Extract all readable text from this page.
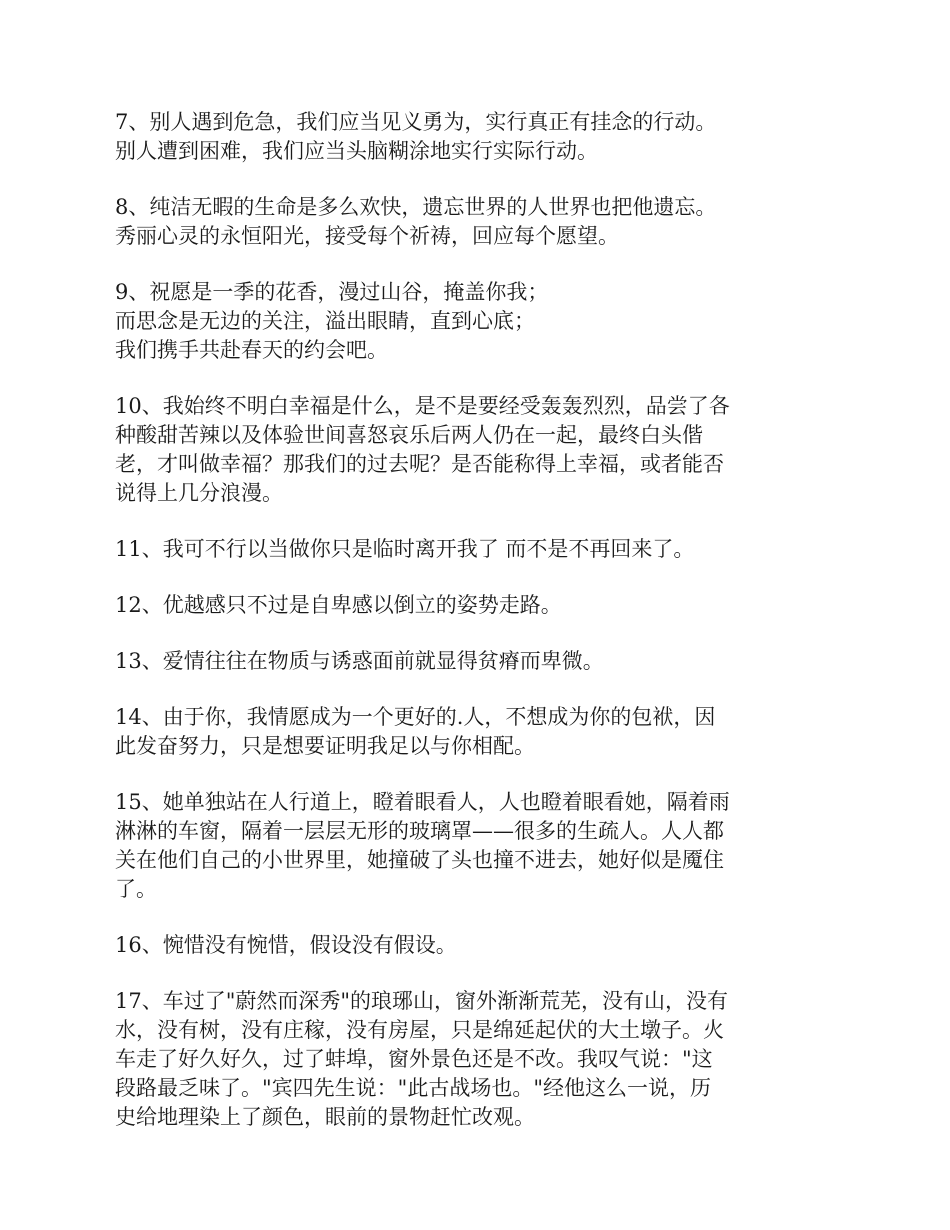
7、别人遇到危急，我们应当见义勇为，实行真正有挂念的行动。
别人遭到困难，我们应当头脑糊涂地实行实际行动。
8、纯洁无暇的生命是多么欢快，遗忘世界的人世界也把他遗忘。
秀丽心灵的永恒阳光，接受每个祈祷，回应每个愿望。
9、祝愿是一季的花香，漫过山谷，掩盖你我；
而思念是无边的关注，溢出眼睛，直到心底；
我们携手共赴春天的约会吧。
10、我始终不明白幸福是什么，是不是要经受轰轰烈烈，品尝了各
种酸甜苦辣以及体验世间喜怒哀乐后两人仍在一起，最终白头偕
老，才叫做幸福？那我们的过去呢？是否能称得上幸福，或者能否
说得上几分浪漫。
11、我可不行以当做你只是临时离开我了 而不是不再回来了。
12、优越感只不过是自卑感以倒立的姿势走路。
13、爱情往往在物质与诱惑面前就显得贫瘠而卑微。
14、由于你，我情愿成为一个更好的.人，不想成为你的包袱，因
此发奋努力，只是想要证明我足以与你相配。
15、她单独站在人行道上，瞪着眼看人，人也瞪着眼看她，隔着雨
淋淋的车窗，隔着一层层无形的玻璃罩——很多的生疏人。人人都
关在他们自己的小世界里，她撞破了头也撞不进去，她好似是魇住
了。
16、惋惜没有惋惜，假设没有假设。
17、车过了"蔚然而深秀"的琅琊山，窗外渐渐荒芜，没有山，没有
水，没有树，没有庄稼，没有房屋，只是绵延起伏的大土墩子。火
车走了好久好久，过了蚌埠，窗外景色还是不改。我叹气说："这
段路最乏味了。"宾四先生说："此古战场也。"经他这么一说，历
史给地理染上了颜色，眼前的景物赶忙改观。
